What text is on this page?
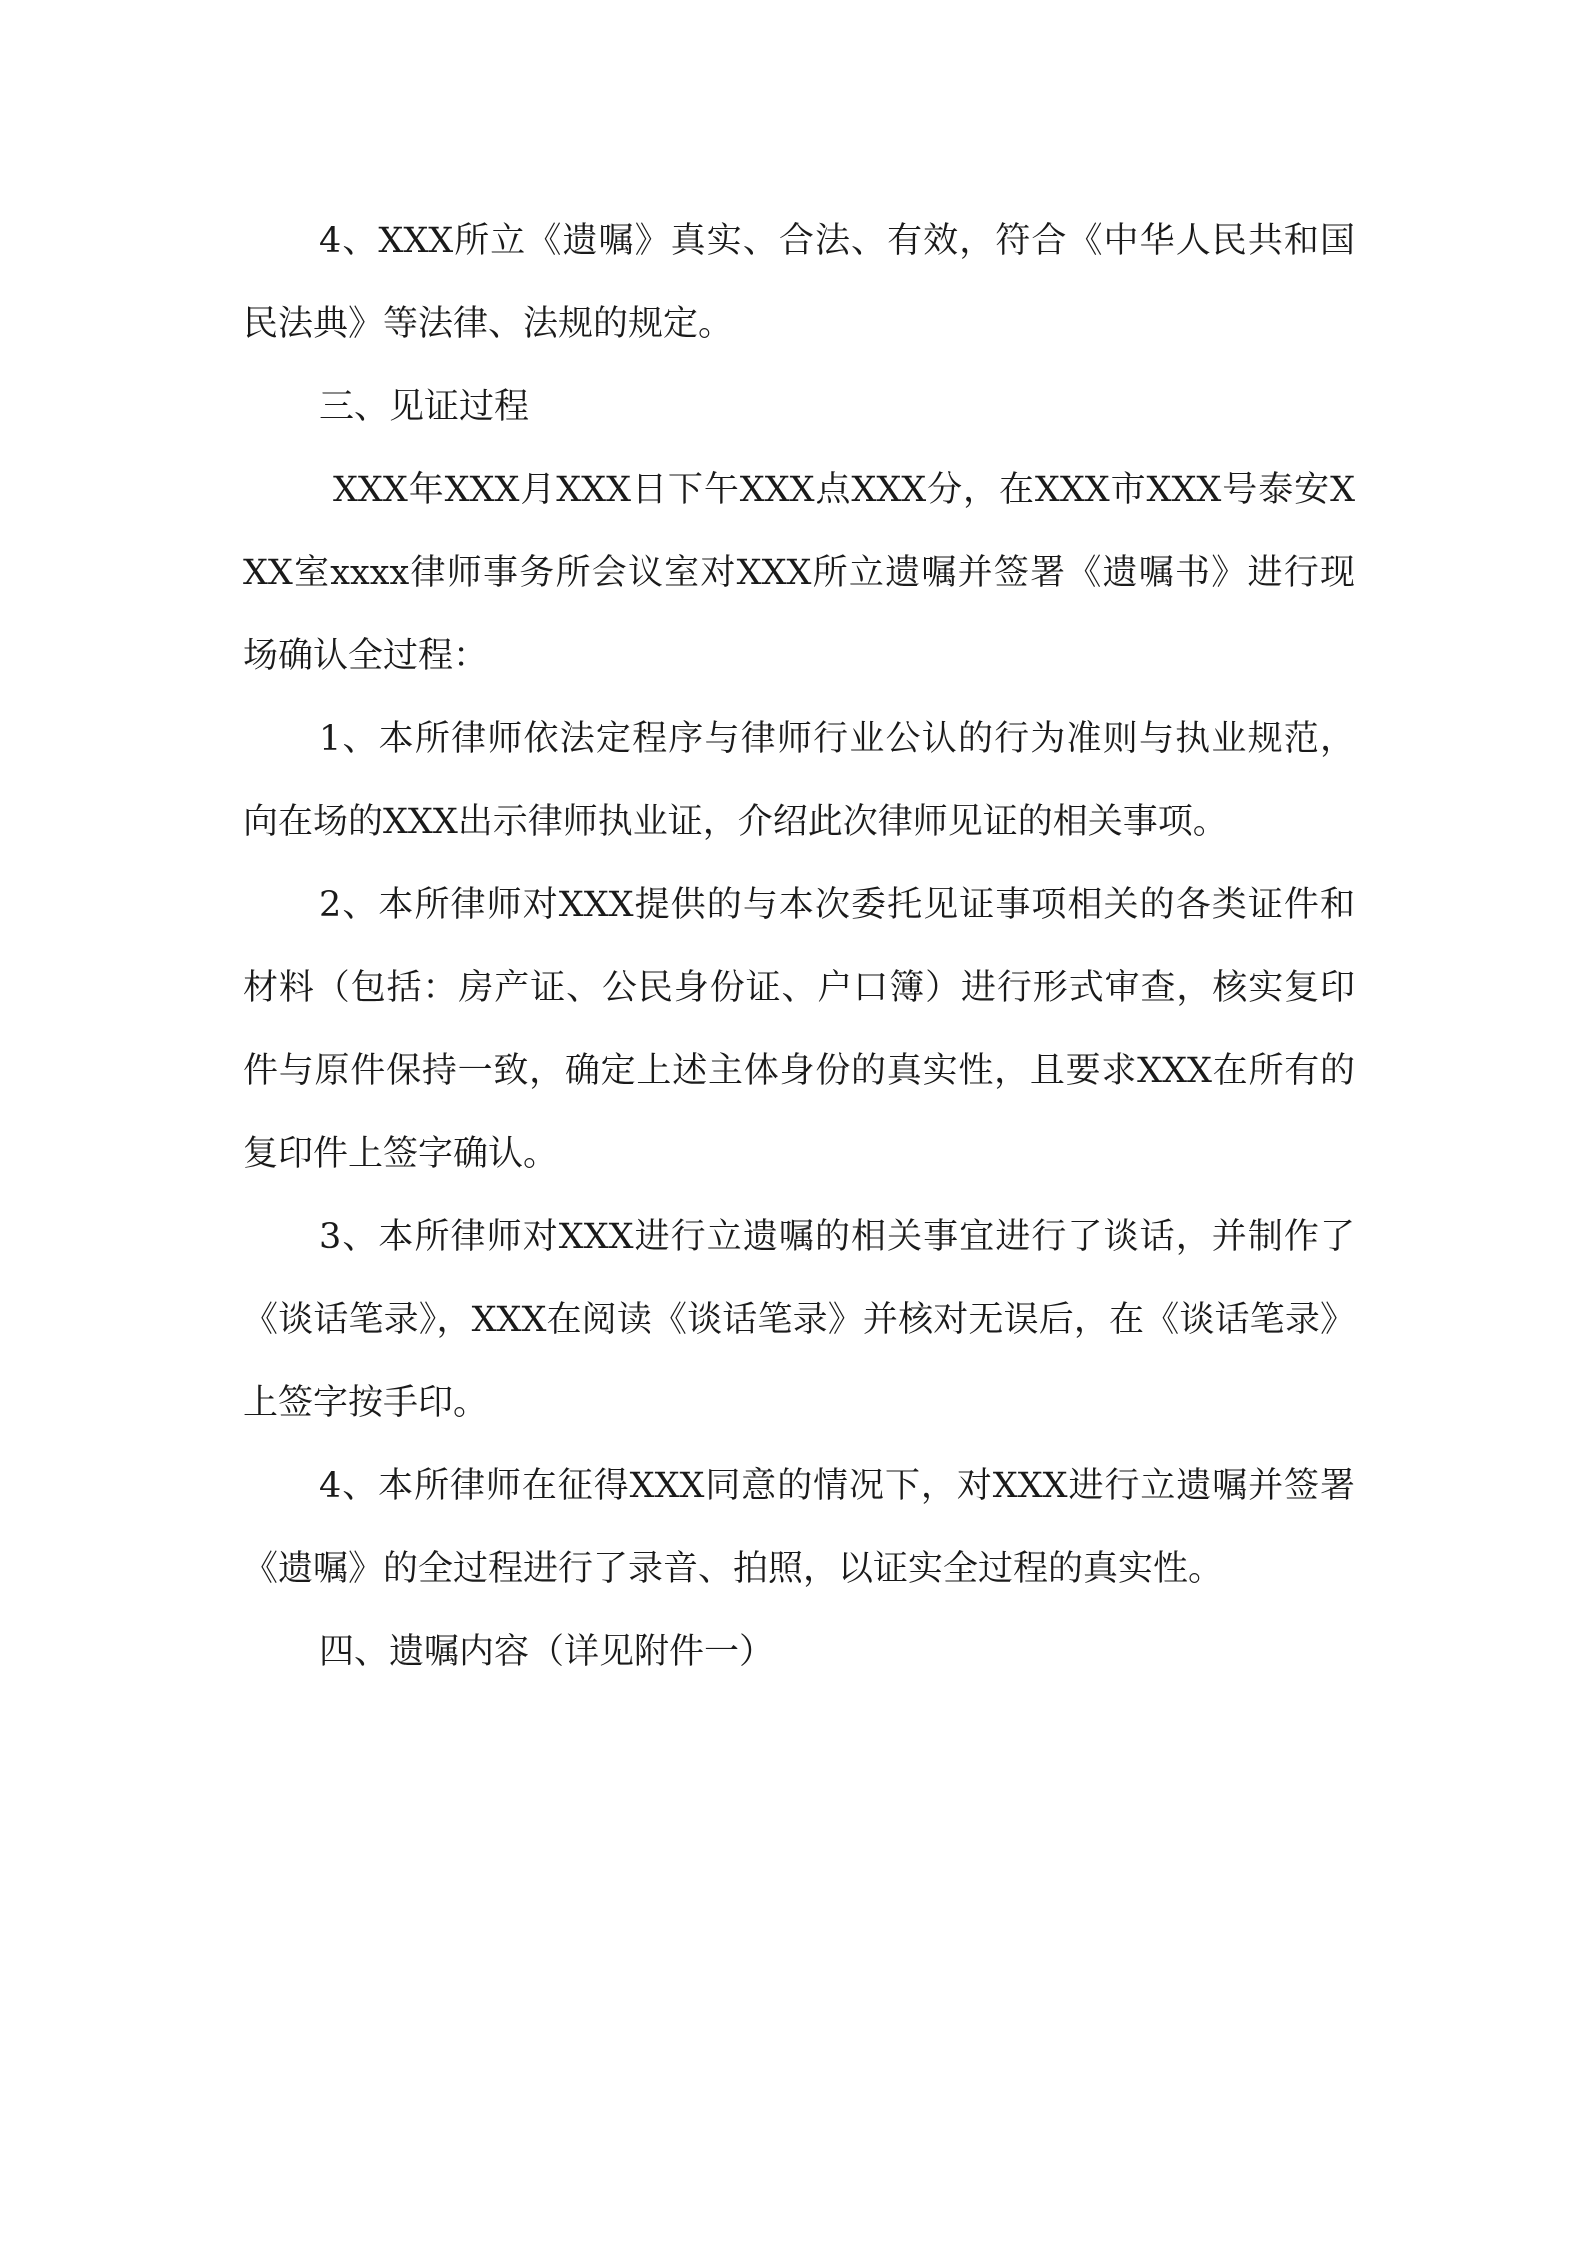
4、XXX所立《遗嘱》真实、合法、有效，符合《中华人民共和国民法典》等法律、法规的规定。

三、见证过程

XXX年XXX月XXX日下午XXX点XXX分，在XXX市XXX号泰安XXX室xxxx律师事务所会议室对XXX所立遗嘱并签署《遗嘱书》进行现场确认全过程：

1、本所律师依法定程序与律师行业公认的行为准则与执业规范，向在场的XXX出示律师执业证，介绍此次律师见证的相关事项。

2、本所律师对XXX提供的与本次委托见证事项相关的各类证件和材料（包括：房产证、公民身份证、户口簿）进行形式审查，核实复印件与原件保持一致，确定上述主体身份的真实性，且要求XXX在所有的复印件上签字确认。

3、本所律师对XXX进行立遗嘱的相关事宜进行了谈话，并制作了《谈话笔录》，XXX在阅读《谈话笔录》并核对无误后，在《谈话笔录》上签字按手印。

4、本所律师在征得XXX同意的情况下，对XXX进行立遗嘱并签署《遗嘱》的全过程进行了录音、拍照，以证实全过程的真实性。

四、遗嘱内容（详见附件一）
